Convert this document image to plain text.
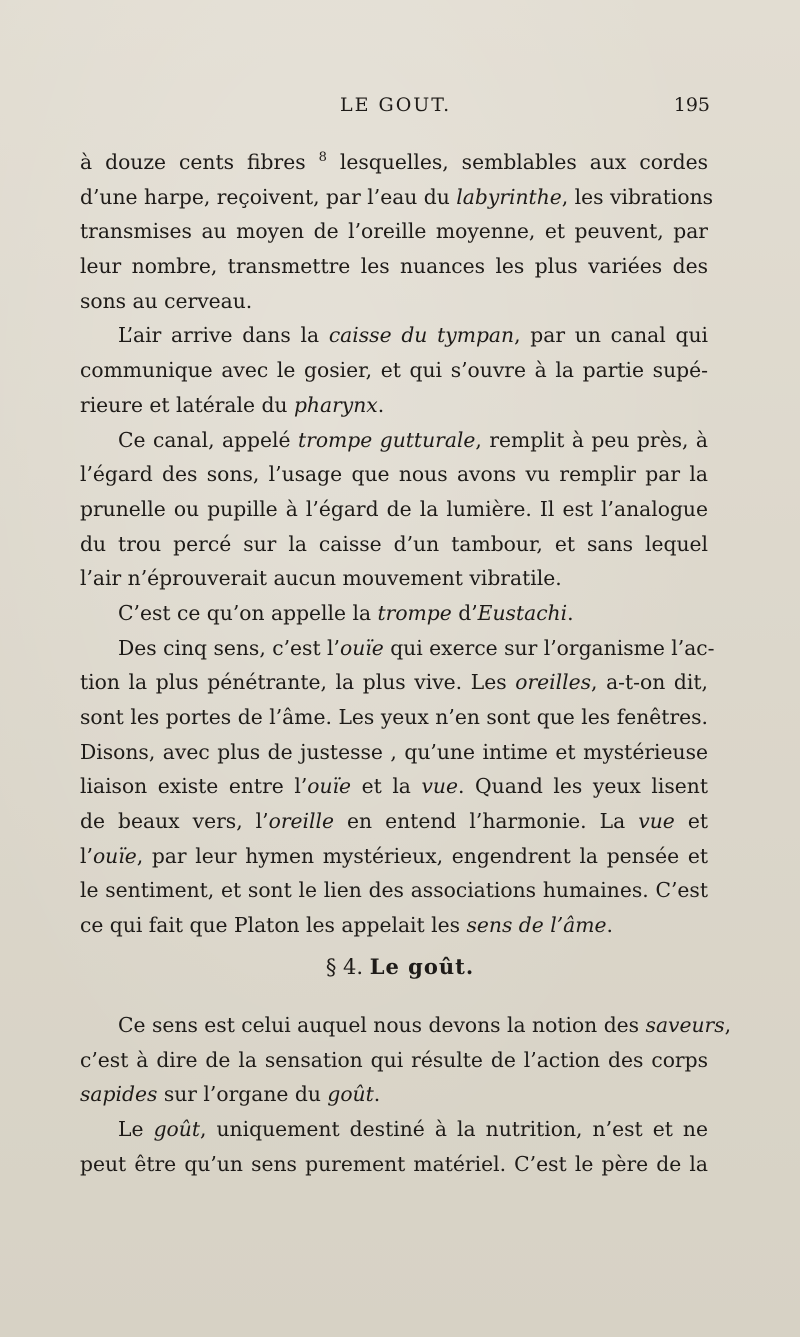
LE GOUT.	195

à douze cents fibres $^8$ lesquelles, semblables aux cordes
d’une harpe, reçoivent, par l’eau du labyrinthe, les vibrations
transmises au moyen de l’oreille moyenne, et peuvent, par
leur nombre, transmettre les nuances les plus variées des
sons au cerveau.

L’air arrive dans la caisse du tympan, par un canal qui
communique avec le gosier, et qui s’ouvre à la partie supé-
rieure et latérale du pharynx.

Ce canal, appelé trompe gutturale, remplit à peu près, à
l’égard des sons, l’usage que nous avons vu remplir par la
prunelle ou pupille à l’égard de la lumière. Il est l’analogue
du trou percé sur la caisse d’un tambour, et sans lequel
l’air n’éprouverait aucun mouvement vibratile.

C’est ce qu’on appelle la trompe d’Eustachi.

Des cinq sens, c’est l’ouïe qui exerce sur l’organisme l’ac-
tion la plus pénétrante, la plus vive. Les oreilles, a-t-on dit,
sont les portes de l’âme. Les yeux n’en sont que les fenêtres.
Disons, avec plus de justesse , qu’une intime et mystérieuse
liaison existe entre l’ouïe et la vue. Quand les yeux lisent
de beaux vers, l’oreille en entend l’harmonie. La vue et
l’ouïe, par leur hymen mystérieux, engendrent la pensée et
le sentiment, et sont le lien des associations humaines. C’est
ce qui fait que Platon les appelait les sens de l’âme.

§ 4. Le goût.

Ce sens est celui auquel nous devons la notion des saveurs,
c’est à dire de la sensation qui résulte de l’action des corps
sapides sur l’organe du goût.

Le goût, uniquement destiné à la nutrition, n’est et ne
peut être qu’un sens purement matériel. C’est le père de la
